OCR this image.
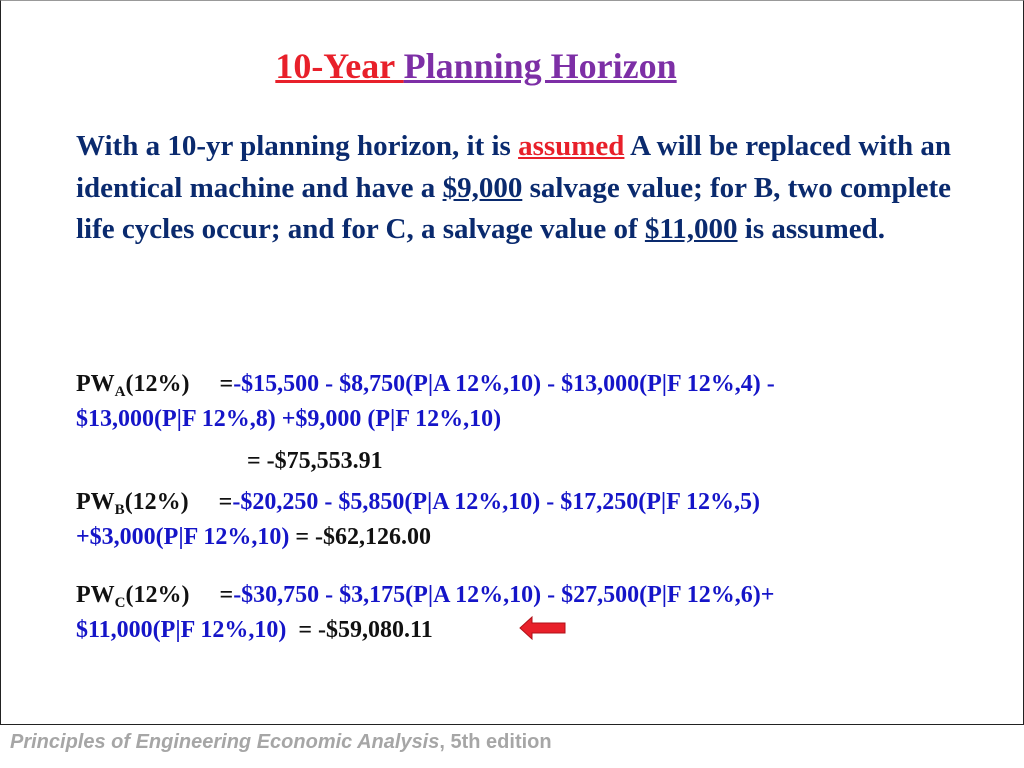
10-Year Planning Horizon
With a 10-yr planning horizon, it is assumed A will be replaced with an identical machine and have a $9,000 salvage value; for B, two complete life cycles occur; and for C, a salvage value of $11,000 is assumed.
$PW_A(12\%)$ =-$15,500 - $8,750(P|A 12%,10) - $13,000(P|F 12%,4) -
$13,000(P|F 12%,8) +$9,000 (P|F 12%,10)
= -$75,553.91
$PW_B(12\%)$ =-$20,250 - $5,850(P|A 12%,10) - $17,250(P|F 12%,5)
+$3,000(P|F 12%,10) = -$62,126.00
$PW_C(12\%)$ =-$30,750 - $3,175(P|A 12%,10) - $27,500(P|F 12%,6)+
$11,000(P|F 12%,10)  = -$59,080.11
Principles of Engineering Economic Analysis, 5th edition
